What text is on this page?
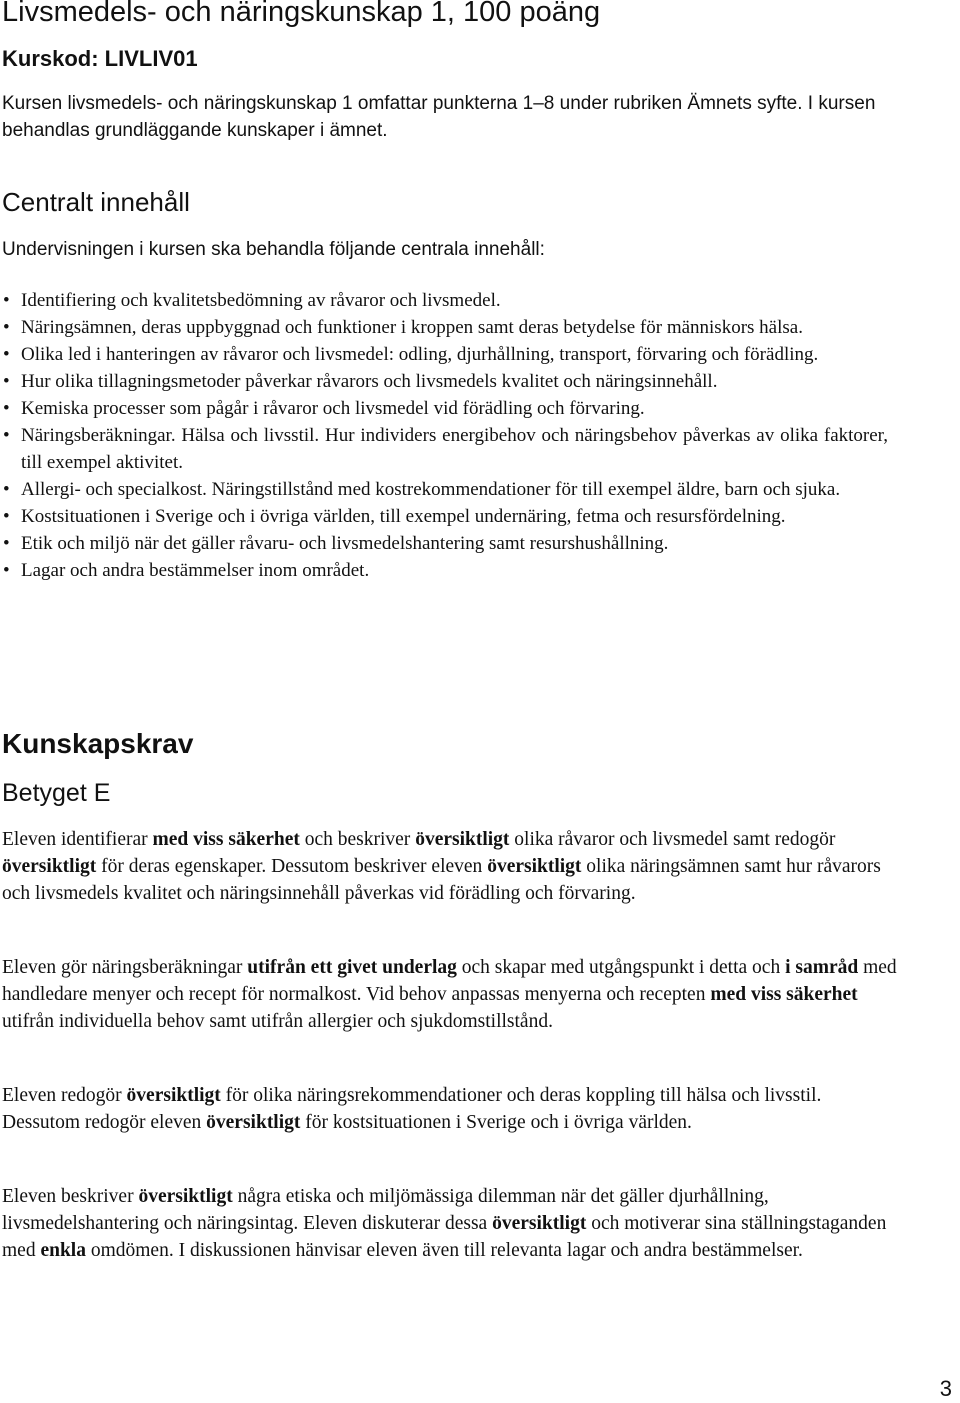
Livsmedels- och näringskunskap 1, 100 poäng
Kurskod: LIVLIV01

Kursen livsmedels- och näringskunskap 1 omfattar punkterna 1–8 under rubriken Ämnets syfte. I kursen behandlas grundläggande kunskaper i ämnet.

Centralt innehåll

Undervisningen i kursen ska behandla följande centrala innehåll:

• Identifiering och kvalitetsbedömning av råvaror och livsmedel.
• Näringsämnen, deras uppbyggnad och funktioner i kroppen samt deras betydelse för människors hälsa.
• Olika led i hanteringen av råvaror och livsmedel: odling, djurhållning, transport, förvaring och förädling.
• Hur olika tillagningsmetoder påverkar råvarors och livsmedels kvalitet och näringsinnehåll.
• Kemiska processer som pågår i råvaror och livsmedel vid förädling och förvaring.
• Näringsberäkningar. Hälsa och livsstil. Hur individers energibehov och näringsbehov påverkas av olika faktorer, till exempel aktivitet.
• Allergi- och specialkost. Näringstillstånd med kostrekommendationer för till exempel äldre, barn och sjuka.
• Kostsituationen i Sverige och i övriga världen, till exempel undernäring, fetma och resursfördelning.
• Etik och miljö när det gäller råvaru- och livsmedelshantering samt resurshushållning.
• Lagar och andra bestämmelser inom området.
Kunskapskrav
Betyget E

Eleven identifierar med viss säkerhet och beskriver översiktligt olika råvaror och livsmedel samt redogör översiktligt för deras egenskaper. Dessutom beskriver eleven översiktligt olika näringsämnen samt hur råvarors och livsmedels kvalitet och näringsinnehåll påverkas vid förädling och förvaring.

Eleven gör näringsberäkningar utifrån ett givet underlag och skapar med utgångspunkt i detta och i samråd med handledare menyer och recept för normalkost. Vid behov anpassas menyerna och recepten med viss säkerhet utifrån individuella behov samt utifrån allergier och sjukdomstillstånd.

Eleven redogör översiktligt för olika näringsrekommendationer och deras koppling till hälsa och livsstil. Dessutom redogör eleven översiktligt för kostsituationen i Sverige och i övriga världen.

Eleven beskriver översiktligt några etiska och miljömässiga dilemman när det gäller djurhållning, livsmedelshantering och näringsintag. Eleven diskuterar dessa översiktligt och motiverar sina ställningstaganden med enkla omdömen. I diskussionen hänvisar eleven även till relevanta lagar och andra bestämmelser.

3
